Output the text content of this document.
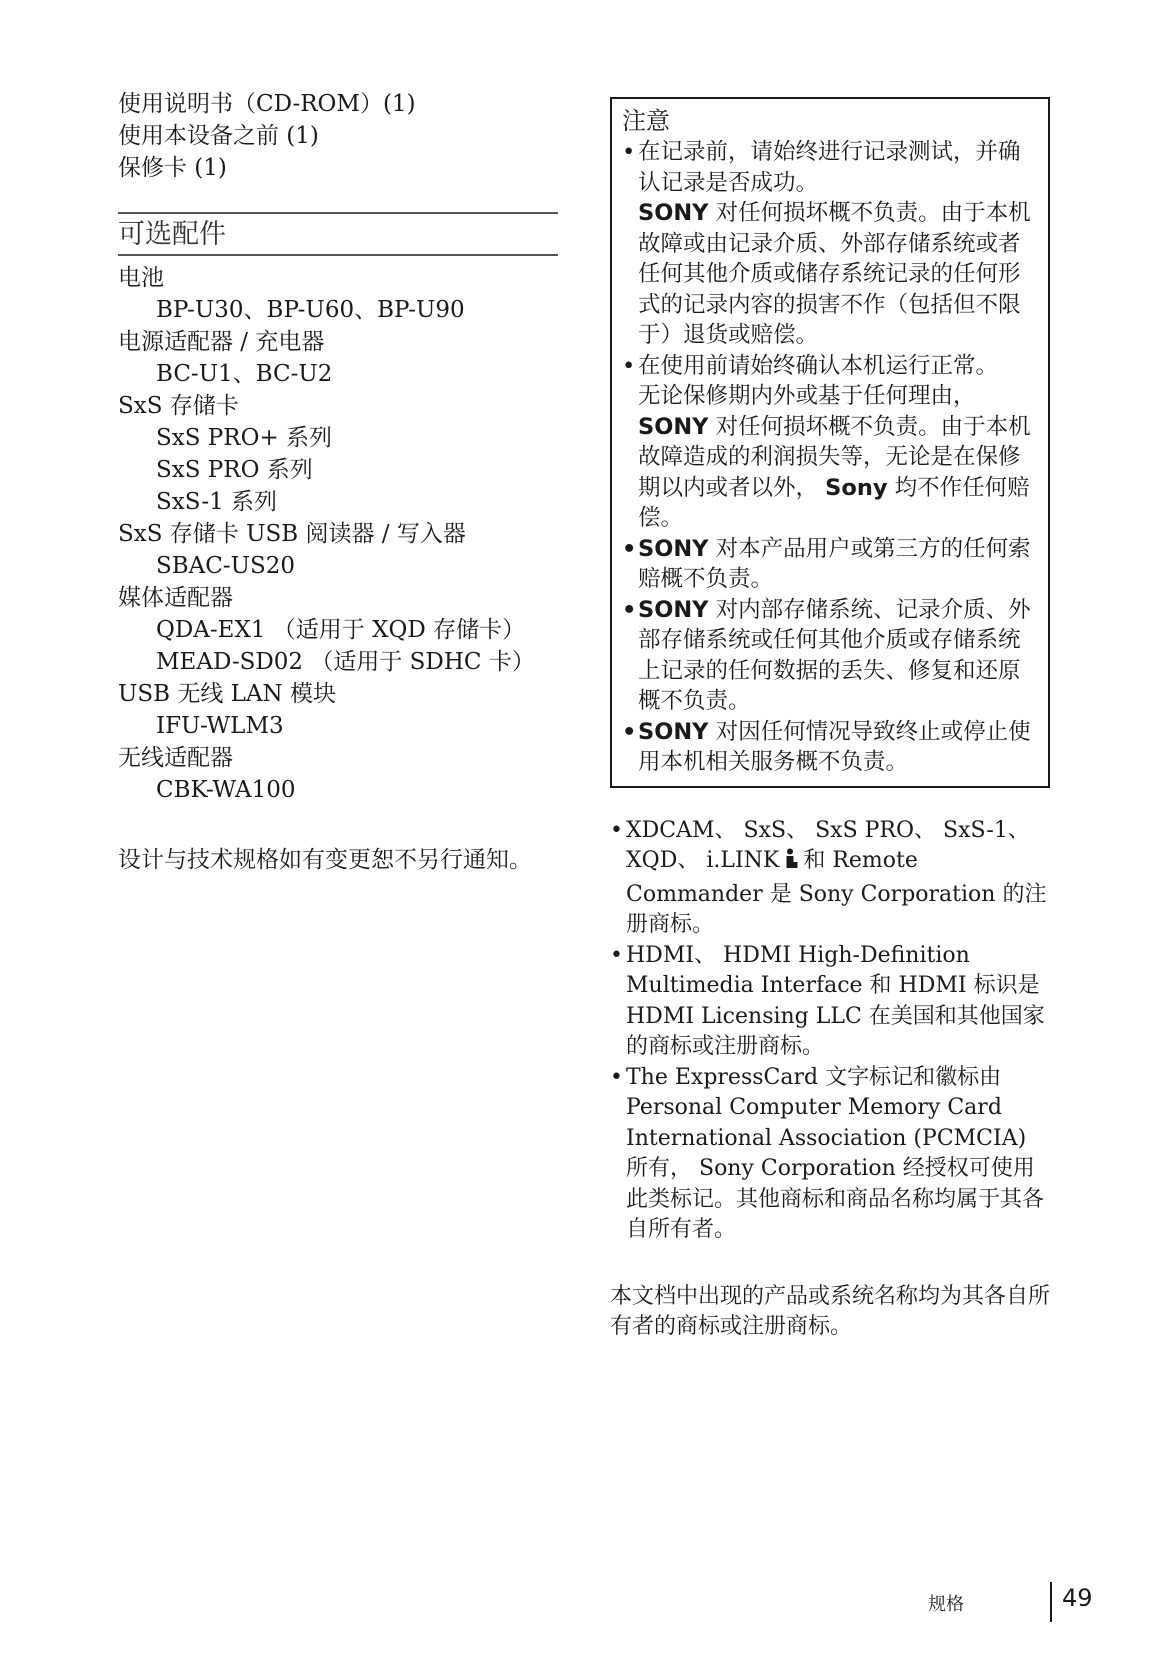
使用说明书（CD-ROM）(1)
使用本设备之前 (1)
保修卡 (1)
可选配件
电池
BP-U30、BP-U60、BP-U90
电源适配器 / 充电器
BC-U1、BC-U2
SxS 存储卡
SxS PRO+ 系列
SxS PRO 系列
SxS-1 系列
SxS 存储卡 USB 阅读器 / 写入器
SBAC-US20
媒体适配器
QDA-EX1 （适用于 XQD 存储卡）
MEAD-SD02 （适用于 SDHC 卡）
USB 无线 LAN 模块
IFU-WLM3
无线适配器
CBK-WA100
设计与技术规格如有变更恕不另行通知。
注意
• 在记录前，请始终进行记录测试，并确认记录是否成功。
SONY 对任何损坏概不负责。由于本机故障或由记录介质、外部存储系统或者任何其他介质或储存系统记录的任何形式的记录内容的损害不作（包括但不限于）退货或赔偿。
• 在使用前请始终确认本机运行正常。
无论保修期内外或基于任何理由，SONY 对任何损坏概不负责。由于本机故障造成的利润损失等，无论是在保修期以内或者以外， Sony 均不作任何赔偿。
• SONY 对本产品用户或第三方的任何索赔概不负责。
• SONY 对内部存储系统、记录介质、外部存储系统或任何其他介质或存储系统上记录的任何数据的丢失、修复和还原概不负责。
• SONY 对因任何情况导致终止或停止使用本机相关服务概不负责。
• XDCAM、 SxS、 SxS PRO、 SxS-1、 XQD、 i.LINK 和 Remote Commander 是 Sony Corporation 的注册商标。
• HDMI、 HDMI High-Definition Multimedia Interface 和 HDMI 标识是 HDMI Licensing LLC 在美国和其他国家的商标或注册商标。
• The ExpressCard 文字标记和徽标由 Personal Computer Memory Card International Association (PCMCIA) 所有， Sony Corporation 经授权可使用此类标记。其他商标和商品名称均属于其各自所有者。
本文档中出现的产品或系统名称均为其各自所有者的商标或注册商标。
规格	49
